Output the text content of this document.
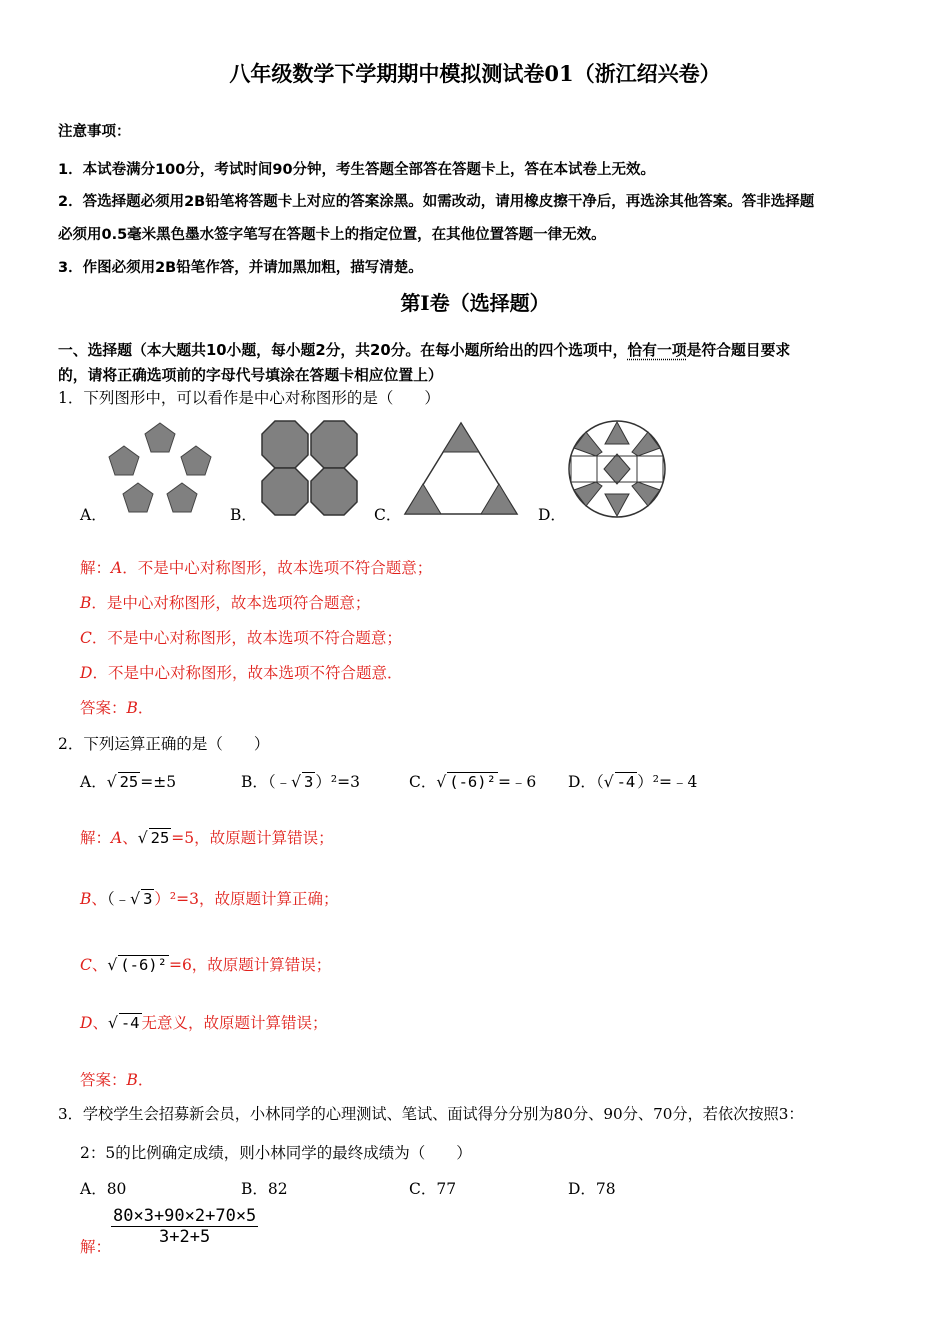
八年级数学下学期期中模拟测试卷01（浙江绍兴卷）
注意事项：
1．本试卷满分100分，考试时间90分钟，考生答题全部答在答题卡上，答在本试卷上无效。
2．答选择题必须用2B铅笔将答题卡上对应的答案涂黑。如需改动，请用橡皮擦干净后，再选涂其他答案。答非选择题
必须用0.5毫米黑色墨水签字笔写在答题卡上的指定位置，在其他位置答题一律无效。
3．作图必须用2B铅笔作答，并请加黑加粗，描写清楚。
第Ⅰ卷（选择题）
一、选择题（本大题共10小题，每小题2分，共20分。在每小题所给出的四个选项中，恰有一项是符合题目要求
的，请将正确选项前的字母代号填涂在答题卡相应位置上）
1．下列图形中，可以看作是中心对称图形的是（　　）
A．	B．	C．	D．
解：A．不是中心对称图形，故本选项不符合题意；
B．是中心对称图形，故本选项符合题意；
C．不是中心对称图形，故本选项不符合题意；
D．不是中心对称图形，故本选项不符合题意．
答案：B．
2．下列运算正确的是（　　）
A．√ 25 =±5	B．（﹣√ 3 ）²=3	C．√ (-6)² =﹣6 D．（√ -4 ）²=﹣4
解：A、√ 25 =5，故原题计算错误；
B、（﹣√ 3 ）²=3，故原题计算正确；
C、√ (-6)² =6，故原题计算错误；
D、√ -4 无意义，故原题计算错误；
答案：B．
3．学校学生会招募新会员，小林同学的心理测试、笔试、面试得分分别为80分、90分、70分，若依次按照3：
2：5的比例确定成绩，则小林同学的最终成绩为（　　）
A．80	B．82	C．77	D．78
解： $\frac{80\times 3+90\times 2+70\times 5}{3+2+5}$
